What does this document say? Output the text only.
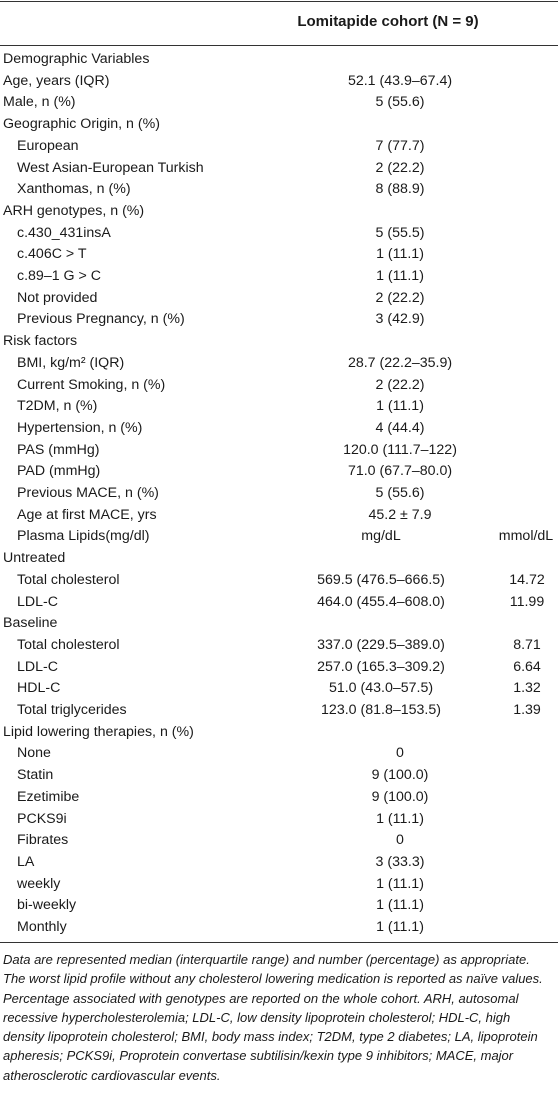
Lomitapide cohort (N = 9)
Demographic Variables
Age, years (IQR)	52.1 (43.9–67.4)
Male, n (%)	5 (55.6)
Geographic Origin, n (%)
European	7 (77.7)
West Asian-European Turkish	2 (22.2)
Xanthomas, n (%)	8 (88.9)
ARH genotypes, n (%)
c.430_431insA	5 (55.5)
c.406C > T	1 (11.1)
c.89–1 G > C	1 (11.1)
Not provided	2 (22.2)
Previous Pregnancy, n (%)	3 (42.9)
Risk factors
BMI, kg/m² (IQR)	28.7 (22.2–35.9)
Current Smoking, n (%)	2 (22.2)
T2DM, n (%)	1 (11.1)
Hypertension, n (%)	4 (44.4)
PAS (mmHg)	120.0 (111.7–122)
PAD (mmHg)	71.0 (67.7–80.0)
Previous MACE, n (%)	5 (55.6)
Age at first MACE, yrs	45.2 ± 7.9
Plasma Lipids(mg/dl)	mg/dL	mmol/dL
Untreated
Total cholesterol	569.5 (476.5–666.5)	14.72
LDL-C	464.0 (455.4–608.0)	11.99
Baseline
Total cholesterol	337.0 (229.5–389.0)	8.71
LDL-C	257.0 (165.3–309.2)	6.64
HDL-C	51.0 (43.0–57.5)	1.32
Total triglycerides	123.0 (81.8–153.5)	1.39
Lipid lowering therapies, n (%)
None	0
Statin	9 (100.0)
Ezetimibe	9 (100.0)
PCKS9i	1 (11.1)
Fibrates	0
LA	3 (33.3)
weekly	1 (11.1)
bi-weekly	1 (11.1)
Monthly	1 (11.1)

Data are represented median (interquartile range) and number (percentage) as appropriate.

The worst lipid profile without any cholesterol lowering medication is reported as naïve values. Percentage associated with genotypes are reported on the whole cohort. ARH, autosomal recessive hypercholesterolemia; LDL-C, low density lipoprotein cholesterol; HDL-C, high density lipoprotein cholesterol; BMI, body mass index; T2DM, type 2 diabetes; LA, lipoprotein apheresis; PCKS9i, Proprotein convertase subtilisin/kexin type 9 inhibitors; MACE, major atherosclerotic cardiovascular events.
